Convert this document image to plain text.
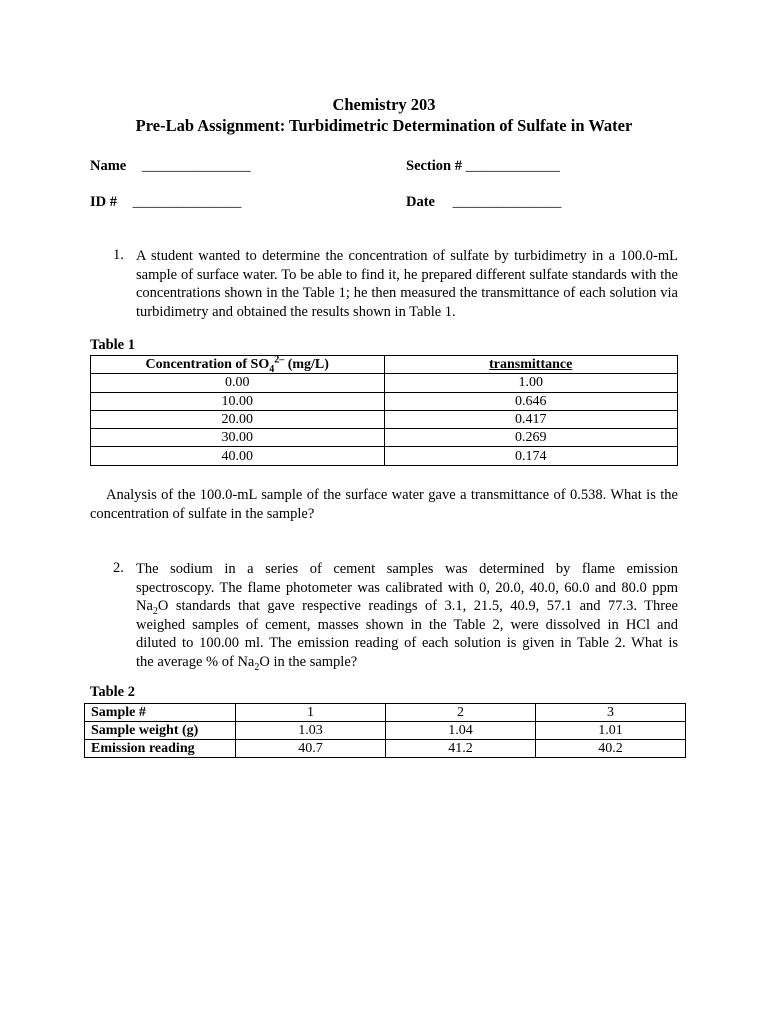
Chemistry 203
Pre-Lab Assignment: Turbidimetric Determination of Sulfate in Water
Name _______________	Section # _____________
ID # _______________	Date _______________
1. A student wanted to determine the concentration of sulfate by turbidimetry in a 100.0-mL sample of surface water. To be able to find it, he prepared different sulfate standards with the concentrations shown in the Table 1; he then measured the transmittance of each solution via turbidimetry and obtained the results shown in Table 1.
Table 1
Concentration of $SO_4^{2-}$ (mg/L)	transmittance
0.00	1.00
10.00	0.646
20.00	0.417
30.00	0.269
40.00	0.174
Analysis of the 100.0-mL sample of the surface water gave a transmittance of 0.538. What is the concentration of sulfate in the sample?
2. The sodium in a series of cement samples was determined by flame emission
spectroscopy. The flame photometer was calibrated with 0, 20.0, 40.0, 60.0 and 80.0 ppm
$Na_2O$ standards that gave respective readings of 3.1, 21.5, 40.9, 57.1 and 77.3. Three
weighed samples of cement, masses shown in the Table 2, were dissolved in HCl and
diluted to 100.00 ml. The emission reading of each solution is given in Table 2. What is
the average % of $Na_2O$ in the sample?
Table 2
Sample #	1	2	3
Sample weight (g)	1.03	1.04	1.01
Emission reading	40.7	41.2	40.2
